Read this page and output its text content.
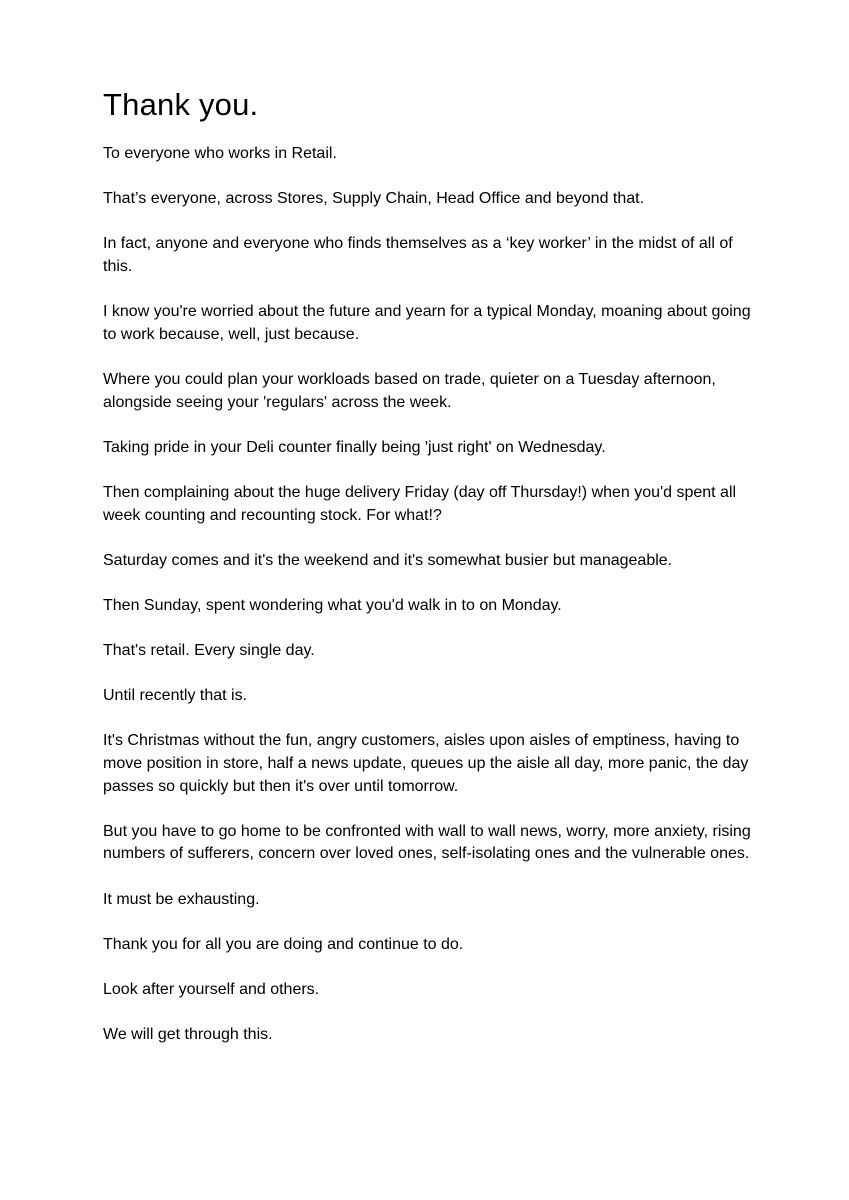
Thank you.

To everyone who works in Retail.

That’s everyone, across Stores, Supply Chain, Head Office and beyond that.

In fact, anyone and everyone who finds themselves as a ‘key worker’ in the midst of all of this.

I know you're worried about the future and yearn for a typical Monday, moaning about going to work because, well, just because.

Where you could plan your workloads based on trade, quieter on a Tuesday afternoon, alongside seeing your 'regulars' across the week.

Taking pride in your Deli counter finally being 'just right' on Wednesday.

Then complaining about the huge delivery Friday (day off Thursday!) when you'd spent all week counting and recounting stock. For what!?

Saturday comes and it's the weekend and it's somewhat busier but manageable.

Then Sunday, spent wondering what you'd walk in to on Monday.

That's retail. Every single day.

Until recently that is.

It's Christmas without the fun, angry customers, aisles upon aisles of emptiness, having to move position in store, half a news update, queues up the aisle all day, more panic, the day passes so quickly but then it's over until tomorrow.

But you have to go home to be confronted with wall to wall news, worry, more anxiety, rising numbers of sufferers, concern over loved ones, self-isolating ones and the vulnerable ones.

It must be exhausting.

Thank you for all you are doing and continue to do.

Look after yourself and others.

We will get through this.
